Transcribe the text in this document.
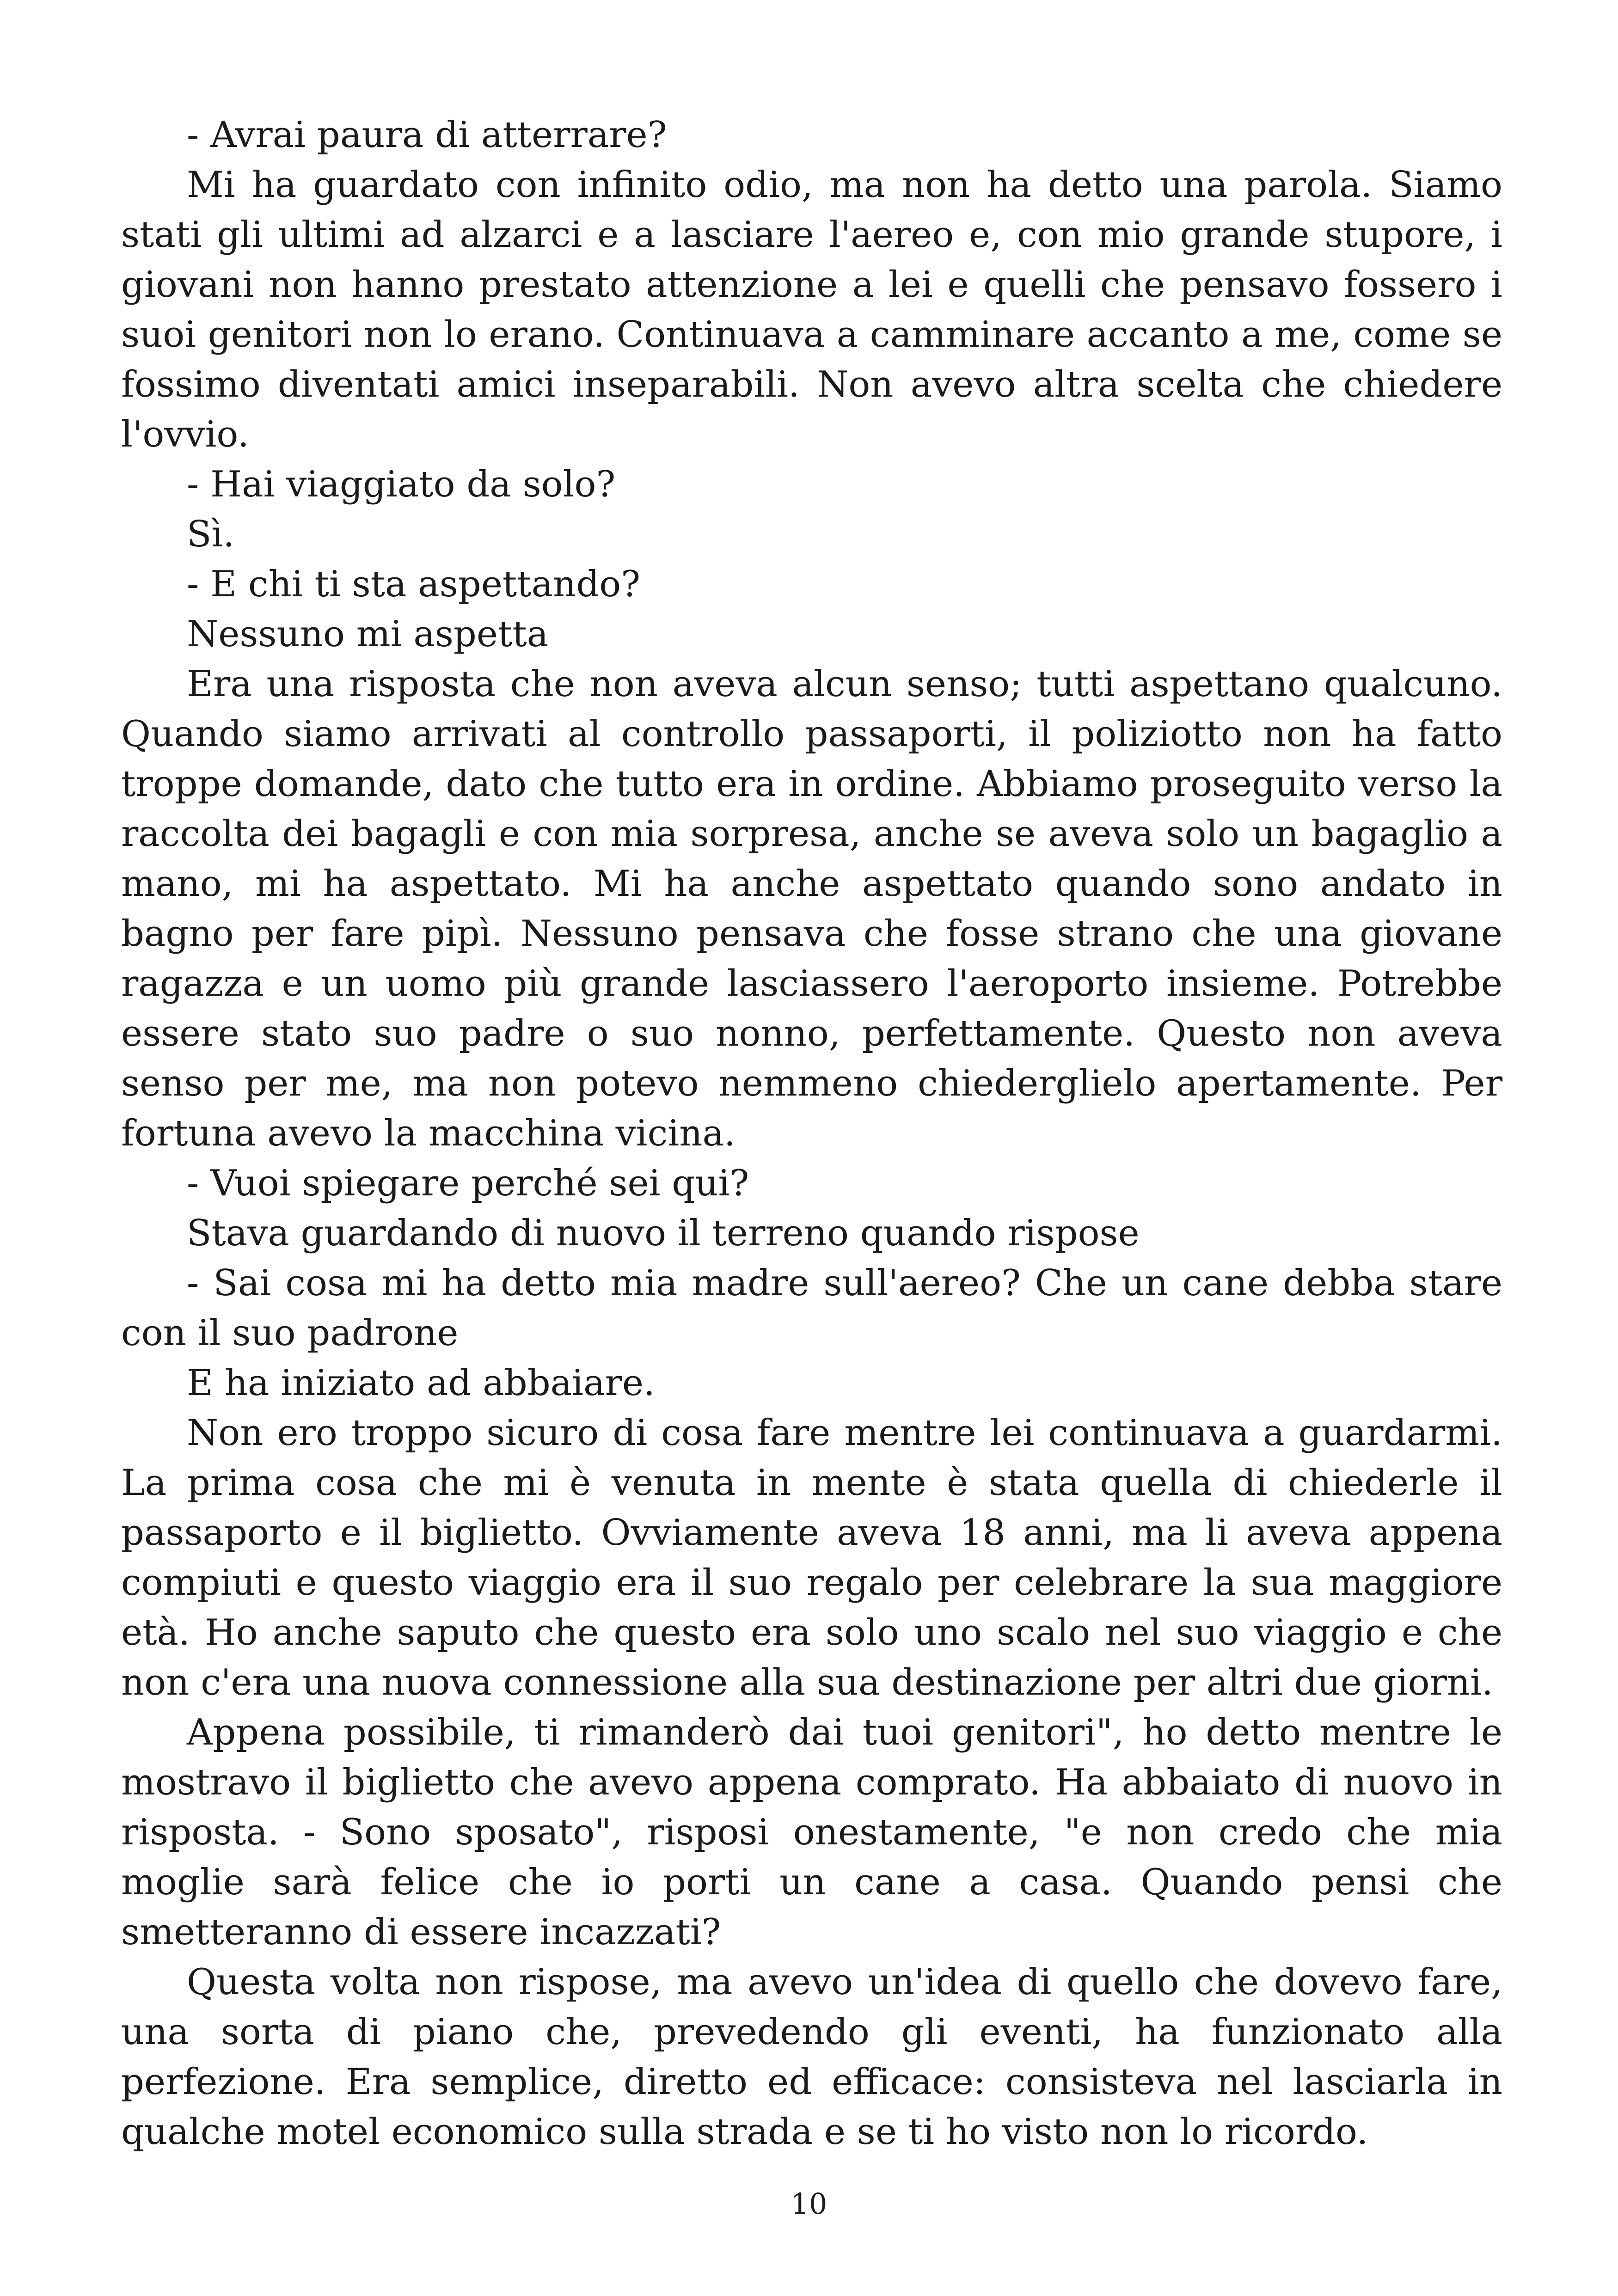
- Avrai paura di atterrare?

Mi ha guardato con infinito odio, ma non ha detto una parola. Siamo stati gli ultimi ad alzarci e a lasciare l'aereo e, con mio grande stupore, i giovani non hanno prestato attenzione a lei e quelli che pensavo fossero i suoi genitori non lo erano. Continuava a camminare accanto a me, come se fossimo diventati amici inseparabili. Non avevo altra scelta che chiedere l'ovvio.

- Hai viaggiato da solo?

Sì.

- E chi ti sta aspettando?

Nessuno mi aspetta

Era una risposta che non aveva alcun senso; tutti aspettano qualcuno. Quando siamo arrivati al controllo passaporti, il poliziotto non ha fatto troppe domande, dato che tutto era in ordine. Abbiamo proseguito verso la raccolta dei bagagli e con mia sorpresa, anche se aveva solo un bagaglio a mano, mi ha aspettato. Mi ha anche aspettato quando sono andato in bagno per fare pipì. Nessuno pensava che fosse strano che una giovane ragazza e un uomo più grande lasciassero l'aeroporto insieme. Potrebbe essere stato suo padre o suo nonno, perfettamente. Questo non aveva senso per me, ma non potevo nemmeno chiederglielo apertamente. Per fortuna avevo la macchina vicina.

- Vuoi spiegare perché sei qui?

Stava guardando di nuovo il terreno quando rispose

- Sai cosa mi ha detto mia madre sull'aereo? Che un cane debba stare con il suo padrone

E ha iniziato ad abbaiare.

Non ero troppo sicuro di cosa fare mentre lei continuava a guardarmi. La prima cosa che mi è venuta in mente è stata quella di chiederle il passaporto e il biglietto. Ovviamente aveva 18 anni, ma li aveva appena compiuti e questo viaggio era il suo regalo per celebrare la sua maggiore età. Ho anche saputo che questo era solo uno scalo nel suo viaggio e che non c'era una nuova connessione alla sua destinazione per altri due giorni.

Appena possibile, ti rimanderò dai tuoi genitori", ho detto mentre le mostravo il biglietto che avevo appena comprato. Ha abbaiato di nuovo in risposta. - Sono sposato", risposi onestamente, "e non credo che mia moglie sarà felice che io porti un cane a casa. Quando pensi che smetteranno di essere incazzati?

Questa volta non rispose, ma avevo un'idea di quello che dovevo fare, una sorta di piano che, prevedendo gli eventi, ha funzionato alla perfezione. Era semplice, diretto ed efficace: consisteva nel lasciarla in qualche motel economico sulla strada e se ti ho visto non lo ricordo.

10
